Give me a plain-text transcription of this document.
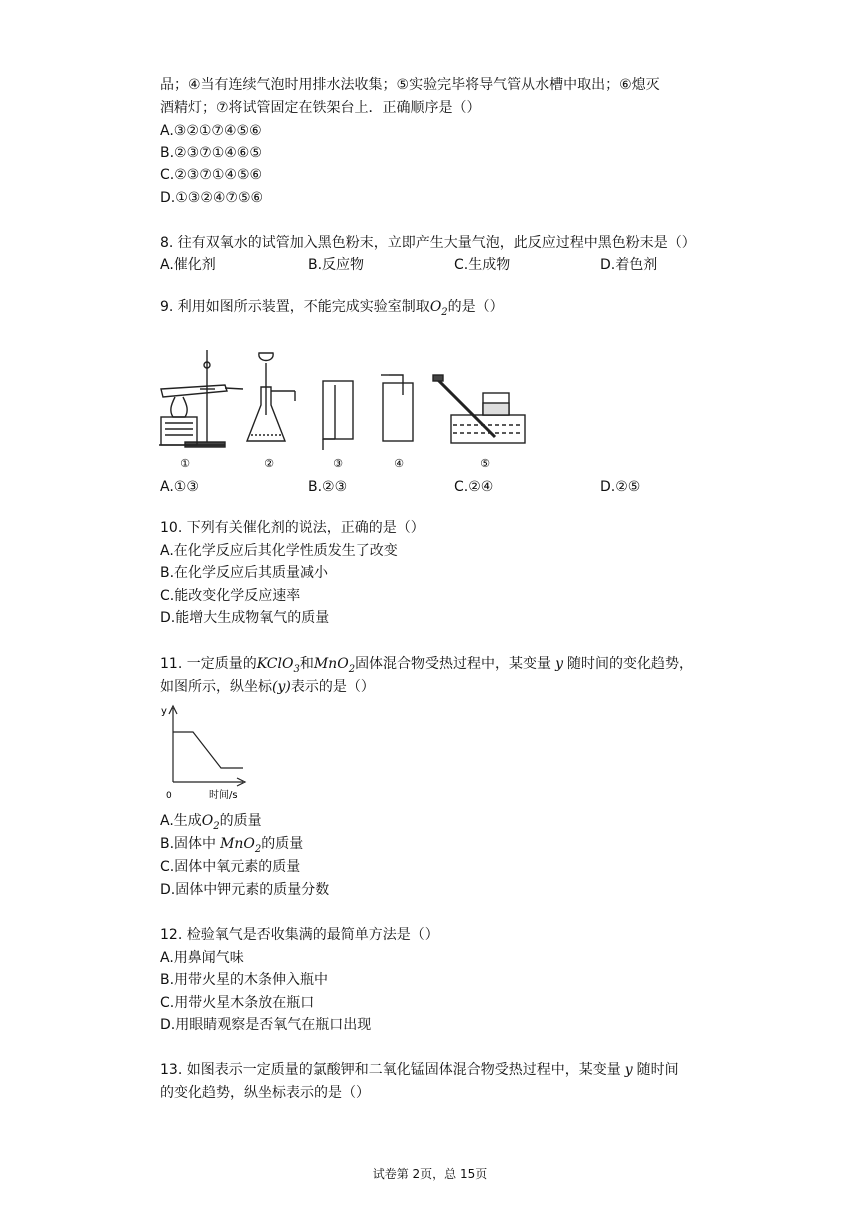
品；④当有连续气泡时用排水法收集；⑤实验完毕将导气管从水槽中取出；⑥熄灭
酒精灯；⑦将试管固定在铁架台上．正确顺序是（）
A.③②①⑦④⑤⑥
B.②③⑦①④⑥⑤
C.②③⑦①④⑤⑥
D.①③②④⑦⑤⑥
8. 往有双氧水的试管加入黑色粉末，立即产生大量气泡，此反应过程中黑色粉末是（）
A.催化剂	B.反应物	C.生成物	D.着色剂
9. 利用如图所示装置，不能完成实验室制取$O_2$的是（）
①	②	③	④	⑤
A.①③	B.②③	C.②④	D.②⑤
10. 下列有关催化剂的说法，正确的是（）
A.在化学反应后其化学性质发生了改变
B.在化学反应后其质量减小
C.能改变化学反应速率
D.能增大生成物氧气的质量
11. 一定质量的KClO$_3$和MnO$_2$固体混合物受热过程中，某变量 y 随时间的变化趋势，
如图所示，纵坐标(y)表示的是（）
y
0	时间/s
A.生成$O_2$的质量
B.固体中 MnO$_2$的质量
C.固体中氧元素的质量
D.固体中钾元素的质量分数
12. 检验氧气是否收集满的最简单方法是（）
A.用鼻闻气味
B.用带火星的木条伸入瓶中
C.用带火星木条放在瓶口
D.用眼睛观察是否氧气在瓶口出现
13. 如图表示一定质量的氯酸钾和二氧化锰固体混合物受热过程中，某变量 y 随时间
的变化趋势，纵坐标表示的是（）
试卷第 2页，总 15页
